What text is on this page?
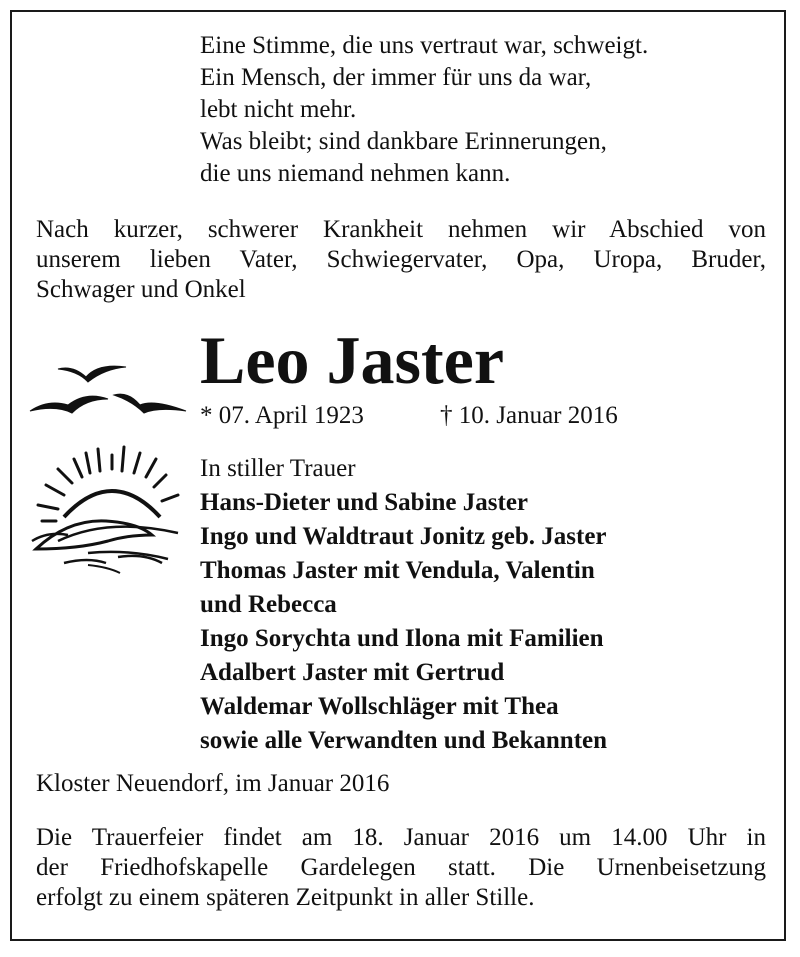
Eine Stimme, die uns vertraut war, schweigt.
Ein Mensch, der immer für uns da war,
lebt nicht mehr.
Was bleibt; sind dankbare Erinnerungen,
die uns niemand nehmen kann.
Nach kurzer, schwerer Krankheit nehmen wir Abschied von
unserem lieben Vater, Schwiegervater, Opa, Uropa, Bruder,
Schwager und Onkel
Leo Jaster
* 07. April 1923	† 10. Januar 2016
In stiller Trauer
Hans-Dieter und Sabine Jaster
Ingo und Waldtraut Jonitz geb. Jaster
Thomas Jaster mit Vendula, Valentin
und Rebecca
Ingo Sorychta und Ilona mit Familien
Adalbert Jaster mit Gertrud
Waldemar Wollschläger mit Thea
sowie alle Verwandten und Bekannten
Kloster Neuendorf, im Januar 2016
Die Trauerfeier findet am 18. Januar 2016 um 14.00 Uhr in
der Friedhofskapelle Gardelegen statt. Die Urnenbeisetzung
erfolgt zu einem späteren Zeitpunkt in aller Stille.
